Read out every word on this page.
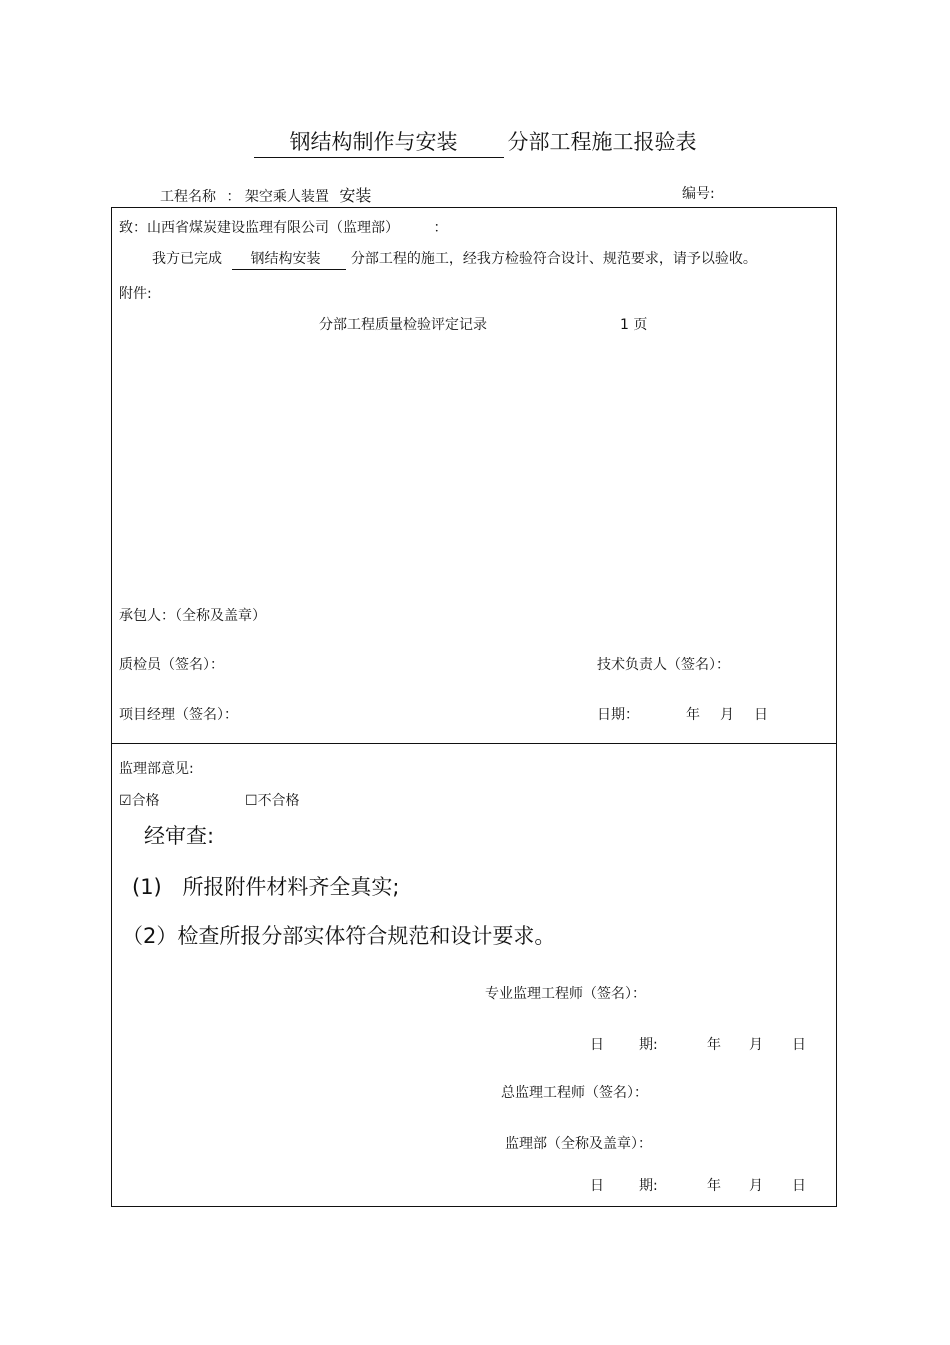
钢结构制作与安装 分部工程施工报验表
工程名称 ： 架空乘人装置 安装	编号:
致：山西省煤炭建设监理有限公司（监理部） ：
我方已完成 钢结构安装 分部工程的施工，经我方检验符合设计、规范要求，请予以验收。
附件:
分部工程质量检验评定记录	1 页
承包人：（全称及盖章）
质检员（签名）：	技术负责人（签名）：
项目经理（签名）：	日期：	年 月 日
监理部意见:
☑合格	☐不合格
经审查:
(1) 所报附件材料齐全真实;
（2）检查所报分部实体符合规范和设计要求。
专业监理工程师（签名）：
日	期:	年 月 日
总监理工程师（签名）：
监理部（全称及盖章）：
日	期:	年 月 日
